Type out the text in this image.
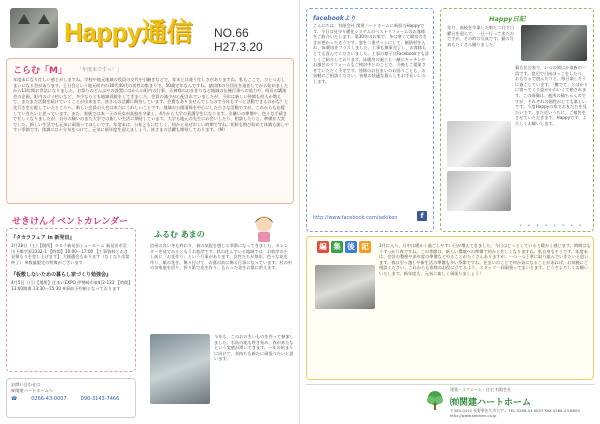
Happy通信 NO.66 H27.3.20
こらむ「M」 「年度末ですっ！」
年度末になり忙しい感じがしますね。学校や地元地域の役員の交代や引継ぎなどで、年末とは違う忙しさがありますね。私もここで、ひとつおしまいになる会があります。王日会という地元町内の30代40代の男性の集まりで、50歳定年なんですね。諸団体の分団長を退任してから始めましたから13年間お世話になりました。お祭りのどんぶやの設置にはからの町内の行事、天神様のお社作りなど地域の伝統行事への協力や、町長の講演会の企画、町内のゴミ拾いなど、多少なりとも地域貢献をしてきました。会員の減少が心配されていましたが、今年は新しい仲間も何人か増えて、まだまだ活動を続けていくことが出来ます。皆さんの活躍に期待しています。会費もありませんでしたので今年もずっと活動できるのかな？と先行きを心配していたところへ、新しい会員の入会は本当にうれしいことです。地域の公園清掃を中心にした小さな活動ですが、これからも応援していきたいと思っています。また、家族では本一子の長女が高校を卒業し、4月から大学の看護学生になります。引継いの準備や、色々な手続きで忙しくなりましたが、自分の願いのまた大学での新しい生活に期待しています。大学も地元の先生にお会いしたり、相談したりと、準備が大変でした。新しい生活でも元気に頑張ってほしいです。年度末は、公私ともに忙しく、何かと気ぜわしい時期ですね。花粉も飛び始めて体調も崩しやすい季節です。体調には十分気をつけて、元気に新年度を迎えましょう。皆さまの活躍も期待しております。（M）
せきけんイベントカレンダー
『タカラフェア in 新発田』
3月28日（土）【場所】タカラ新発田ショールーム 新発田市荒川下郷字原3332-1 【時間】10:00〜17:00 【工事資料とおき見積もりを差し上げます】 大抽選会もあります（なくなり次第終了） ※数量限定の特典がございます
『板敷しないための暮らし家づくり勉強会』
4月5日（日）【場所】住まいEXPO 伊勢崎市東町2-123 【時間】13:00開場 13:30〜15:30 ※事前予約制となっております
お問い合わせは
㈲関建ハートホームへ
☎	0266-43-0007	090-3143-7466
ふるむ あまの
信州の良い冬も終わり、春の気配を感じる季節になってきました。カレンダーを見てみるともうお彼岸です。私の住んでいる地域では、お彼岸の少し前に「お花作り」という行事があります。女性たちが毎年、色々な花を作り、紙の花を、飾り付けて、お墓の前に飾る行事になっています。村の中の各家庭を回り、折り紙で花を作り、もらった花をお墓に供えます。
今年も、このおおきいものを作って参加しました。水仙の花も咲き始め、春が来たなという実感が湧いてきます。一年の始まりに向けて、気持ちも新たに頑張りたいと思います。
facebookより
こんにちは。有限会社 関建ハートホームに新担当Happyです。今日は見守り暖化システムのベストリフォームのお客様をご紹介いたします。築30年のお家で、冬は寒くて暖房のききが悪かったそうです。窓を二重サッシにして、断熱材を入れ、床暖房をプラスしました。工事も無事完了し、お客様もとても喜んでくださいました。工事の様子はFacebookでも詳しくご紹介しております。床暖房の施工と一緒にキッチンやお風呂のリフォームもご検討中とのことで、今後もご提案させていただく予定です。皆様のお住まいのお困りごとも、お気軽にご相談ください。皆様の快適な暮らしをお手伝いいたします。
http://www.facebook.com/sekiken	f
Happy日記
先月、高校を卒業した娘と二月で日曜日を迎えて、一日〜行って来たのですが、その時の写真です。猫の写真もたくさん撮りました。
猫も住む家で、いつの間にか家族の一員です。窓辺で日向ぼっこをしたり、おもちゃで遊んだりと、毎日楽しそうに過ごしています。「撫でて」とばかりに寄ってくる姿がかわいくて癒されます。この画像は、他所の猫ちゃんのですが、それぞれの個性がとても楽しいです。今度Happyの家でお友だちを見たいです。また近いうちに、ご報告をさせていただきます。Happyです、よろしくお願いします。
• • • • • • • •
編 集 後 記	3月に入り、日中は暖かく過ごしやすい日が増えてきました。今日はじっとしていると暖かく感じます。時期はもうすっかり春ですね。この季節は、新しい環境への準備で何かと忙しくなりますね。私自身もそうです。年度末は、会計の整理や来年度の準備などやることがたくさんありますが、一つ一つ丁寧に取り組んでいきたいと思います。春は引っ越しや新生活の準備も多い季節ですね。住まいのことで何か気になることがあれば、お気軽にご相談ください。これからも皆様のお役に立てるよう、スタッフ一同頑張ってまいります。どうぞよろしくお願いいたします。新年度も、元気に楽しく頑張りましょう！
建築・リフォーム・住宅 有限会社
㈲関建ハートホーム
〒384-0412 長野県佐久市大字... TEL 0266-43-0007 FAX 0266-43-8809 http://www.sekiken.co.jp
